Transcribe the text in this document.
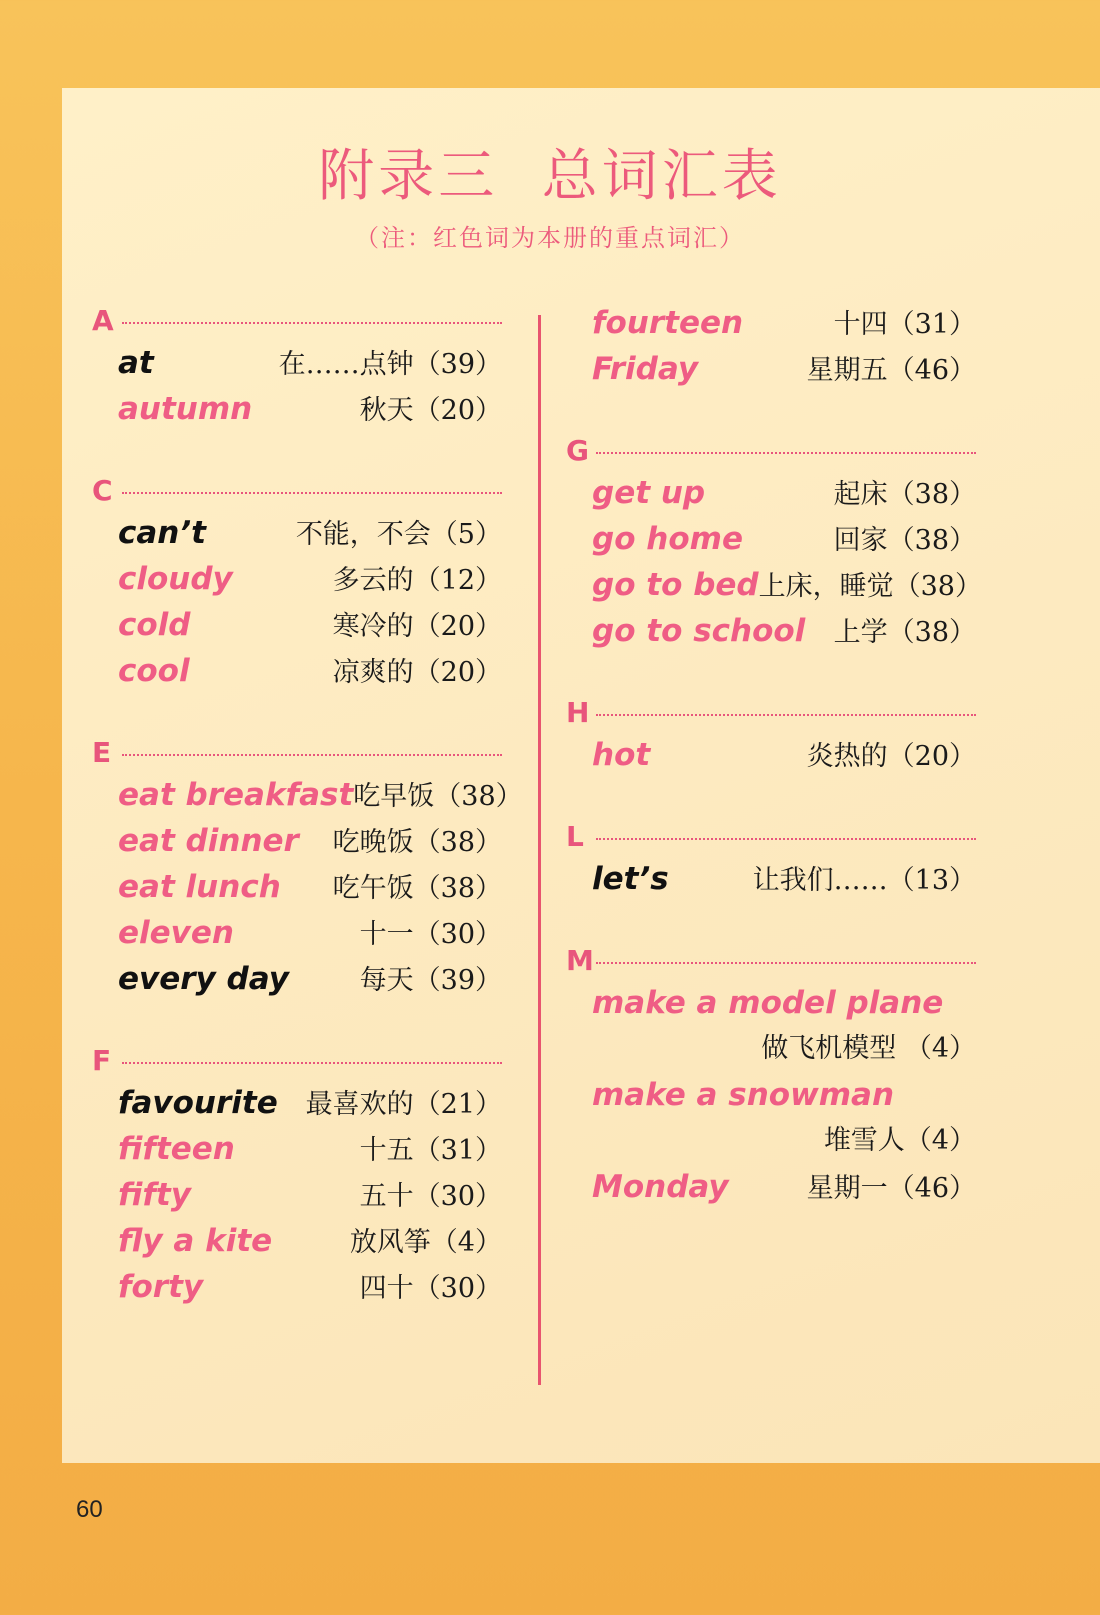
附录三  总词汇表
（注：红色词为本册的重点词汇）
A
at	在……点钟（39）
autumn	秋天（20）
C
can’t	不能，不会（5）
cloudy	多云的（12）
cold	寒冷的（20）
cool	凉爽的（20）
E
eat breakfast 吃早饭（38）
eat dinner 吃晚饭（38）
eat lunch 吃午饭（38）
eleven	十一（30）
every day	每天（39）
F
favourite 最喜欢的（21）
fifteen	十五（31）
fifty	五十（30）
fly a kite	放风筝（4）
forty	四十（30）
fourteen	十四（31）
Friday	星期五（46）
G
get up	起床（38）
go home	回家（38）
go to bed 上床，睡觉（38）
go to school 上学（38）
H
hot	炎热的（20）
L
let’s	让我们……（13）
M
make a model plane
做飞机模型 （4）
make a snowman
堆雪人（4）
Monday	星期一（46）
60
